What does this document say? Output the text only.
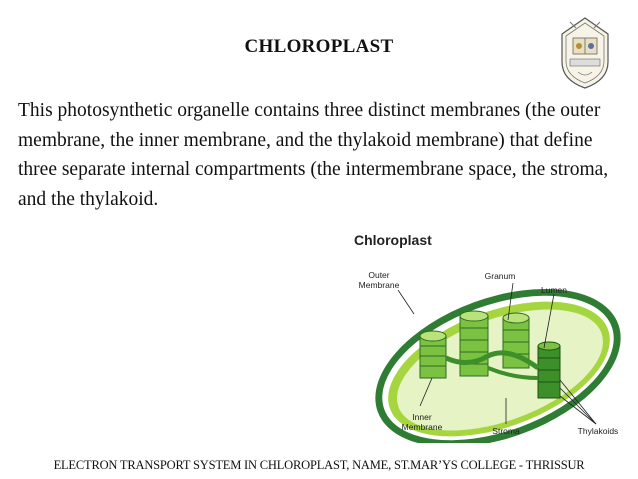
CHLOROPLAST

This photosynthetic organelle contains three distinct membranes (the outer membrane, the inner membrane, and the thylakoid membrane) that define three separate internal compartments (the intermembrane space, the stroma, and the thylakoid.

Chloroplast
Outer
Membrane
Granum
Lumen
Inner
Membrane	Stroma	Thylakoids
ELECTRON TRANSPORT SYSTEM IN CHLOROPLAST, NAME, ST.MAR’YS COLLEGE - THRISSUR
